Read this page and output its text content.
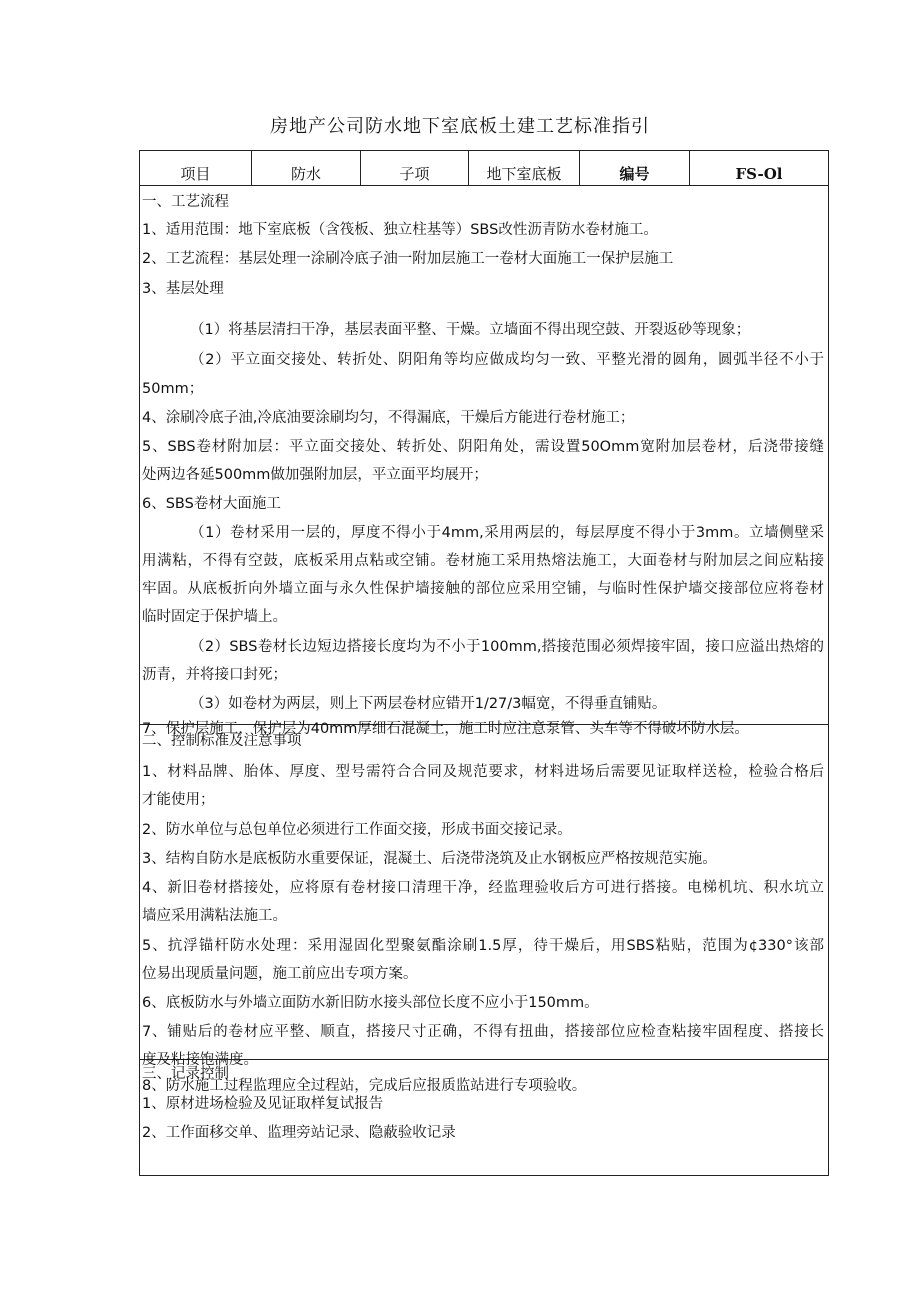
房地产公司防水地下室底板土建工艺标准指引
项目	防水	子项	地下室底板	编号	FS-Ol
一、工艺流程
1、适用范围：地下室底板（含筏板、独立柱基等）SBS改性沥青防水卷材施工。
2、工艺流程：基层处理一涂刷冷底子油一附加层施工一卷材大面施工一保护层施工
3、基层处理
（1）将基层清扫干净，基层表面平整、干燥。立墙面不得出现空鼓、开裂返砂等现象；
（2）平立面交接处、转折处、阴阳角等均应做成均匀一致、平整光滑的圆角，圆弧半径不小于
50mm；
4、涂刷冷底子油,冷底油要涂刷均匀，不得漏底，干燥后方能进行卷材施工；
5、SBS卷材附加层：平立面交接处、转折处、阴阳角处，需设置50Omm宽附加层卷材，后浇带接缝
处两边各延500mm做加强附加层，平立面平均展开；
6、SBS卷材大面施工
（1）卷材采用一层的，厚度不得小于4mm,采用两层的，每层厚度不得小于3mm。立墙侧壁采
用满粘，不得有空鼓，底板采用点粘或空铺。卷材施工采用热熔法施工，大面卷材与附加层之间应粘接
牢固。从底板折向外墙立面与永久性保护墙接触的部位应采用空铺，与临时性保护墙交接部位应将卷材
临时固定于保护墙上。
（2）SBS卷材长边短边搭接长度均为不小于100mm,搭接范围必须焊接牢固，接口应溢出热熔的
沥青，并将接口封死；
（3）如卷材为两层，则上下两层卷材应错开1/27/3幅宽，不得垂直铺贴。
7、保护层施工，保护层为40mm厚细石混凝土，施工时应注意泵管、头车等不得破坏防水层。
二、控制标准及注意事项
1、材料品牌、胎体、厚度、型号需符合合同及规范要求，材料进场后需要见证取样送检，检验合格后
才能使用；
2、防水单位与总包单位必须进行工作面交接，形成书面交接记录。
3、结构自防水是底板防水重要保证，混凝土、后浇带浇筑及止水钢板应严格按规范实施。
4、新旧卷材搭接处，应将原有卷材接口清理干净，经监理验收后方可进行搭接。电梯机坑、积水坑立
墙应采用满粘法施工。
5、抗浮锚杆防水处理：采用湿固化型聚氨酯涂刷1.5厚，待干燥后，用SBS粘贴，范围为¢330°该部
位易出现质量问题，施工前应出专项方案。
6、底板防水与外墙立面防水新旧防水接头部位长度不应小于150mm。
7、铺贴后的卷材应平整、顺直，搭接尺寸正确，不得有扭曲，搭接部位应检查粘接牢固程度、搭接长
度及粘接饱满度。
8、防水施工过程监理应全过程站，完成后应报质监站进行专项验收。
三、记录控制
1、原材进场检验及见证取样复试报告
2、工作面移交单、监理旁站记录、隐蔽验收记录
